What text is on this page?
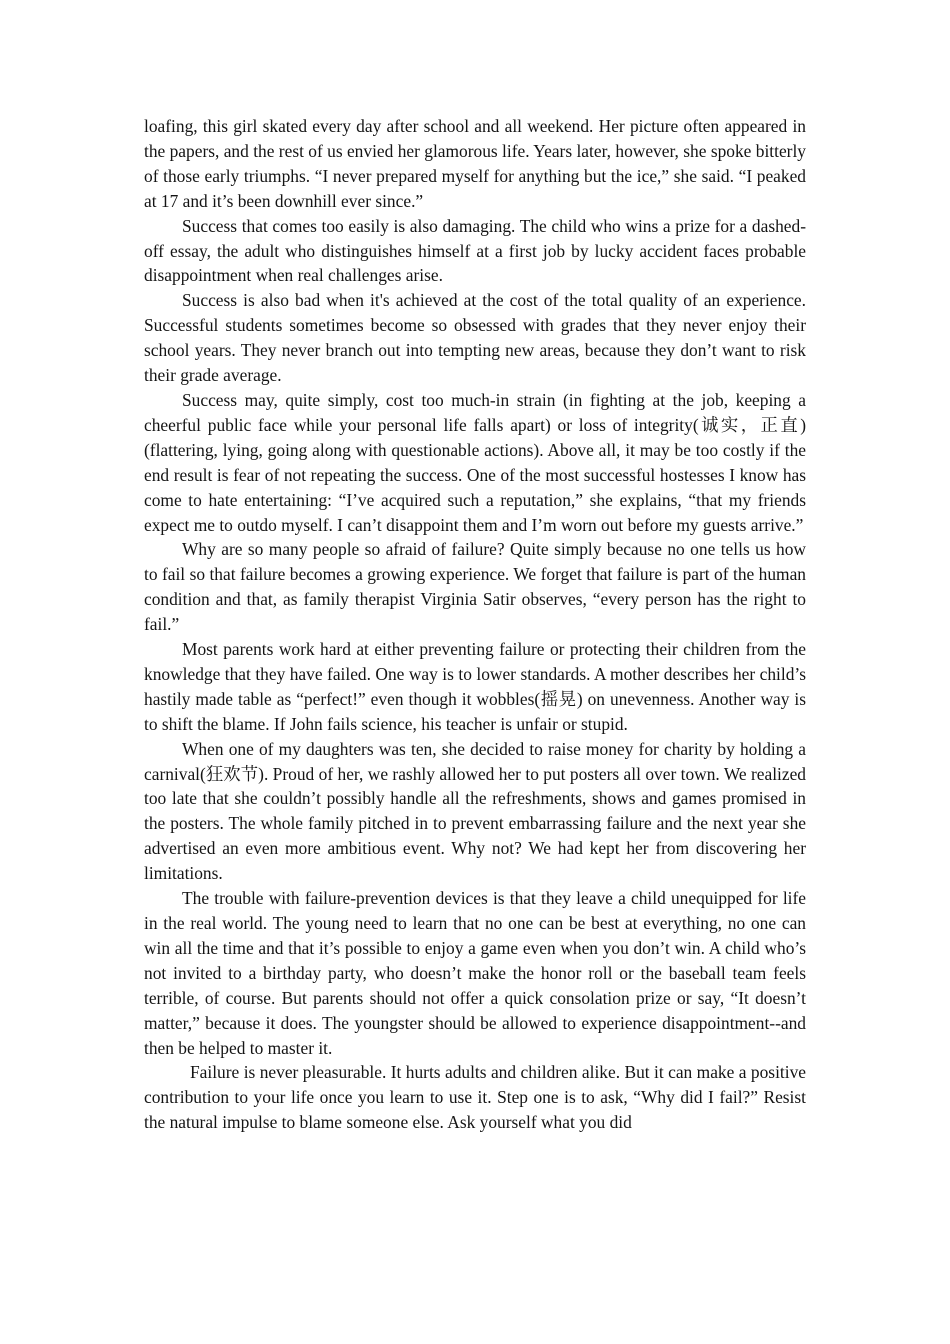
loafing, this girl skated every day after school and all weekend. Her picture often appeared in the papers, and the rest of us envied her glamorous life. Years later, however, she spoke bitterly of those early triumphs. “I never prepared myself for anything but the ice,” she said. “I peaked at 17 and it’s been downhill ever since.”

Success that comes too easily is also damaging. The child who wins a prize for a dashed-off essay, the adult who distinguishes himself at a first job by lucky accident faces probable disappointment when real challenges arise.

Success is also bad when it's achieved at the cost of the total quality of an experience. Successful students sometimes become so obsessed with grades that they never enjoy their school years. They never branch out into tempting new areas, because they don’t want to risk their grade average.

Success may, quite simply, cost too much-in strain (in fighting at the job, keeping a cheerful public face while your personal life falls apart) or loss of integrity(诚实，正直)(flattering, lying, going along with questionable actions). Above all, it may be too costly if the end result is fear of not repeating the success. One of the most successful hostesses I know has come to hate entertaining: “I’ve acquired such a reputation,” she explains, “that my friends expect me to outdo myself. I can’t disappoint them and I’m worn out before my guests arrive.”

Why are so many people so afraid of failure? Quite simply because no one tells us how to fail so that failure becomes a growing experience. We forget that failure is part of the human condition and that, as family therapist Virginia Satir observes, “every person has the right to fail.”

Most parents work hard at either preventing failure or protecting their children from the knowledge that they have failed. One way is to lower standards. A mother describes her child’s hastily made table as “perfect!” even though it wobbles(摇晃) on unevenness. Another way is to shift the blame. If John fails science, his teacher is unfair or stupid.

When one of my daughters was ten, she decided to raise money for charity by holding a carnival(狂欢节). Proud of her, we rashly allowed her to put posters all over town. We realized too late that she couldn’t possibly handle all the refreshments, shows and games promised in the posters. The whole family pitched in to prevent embarrassing failure and the next year she advertised an even more ambitious event. Why not? We had kept her from discovering her limitations.

The trouble with failure-prevention devices is that they leave a child unequipped for life in the real world. The young need to learn that no one can be best at everything, no one can win all the time and that it’s possible to enjoy a game even when you don’t win. A child who’s not invited to a birthday party, who doesn’t make the honor roll or the baseball team feels terrible, of course. But parents should not offer a quick consolation prize or say, “It doesn’t matter,” because it does. The youngster should be allowed to experience disappointment--and then be helped to master it.

Failure is never pleasurable. It hurts adults and children alike. But it can make a positive contribution to your life once you learn to use it. Step one is to ask, “Why did I fail?” Resist the natural impulse to blame someone else. Ask yourself what you did
